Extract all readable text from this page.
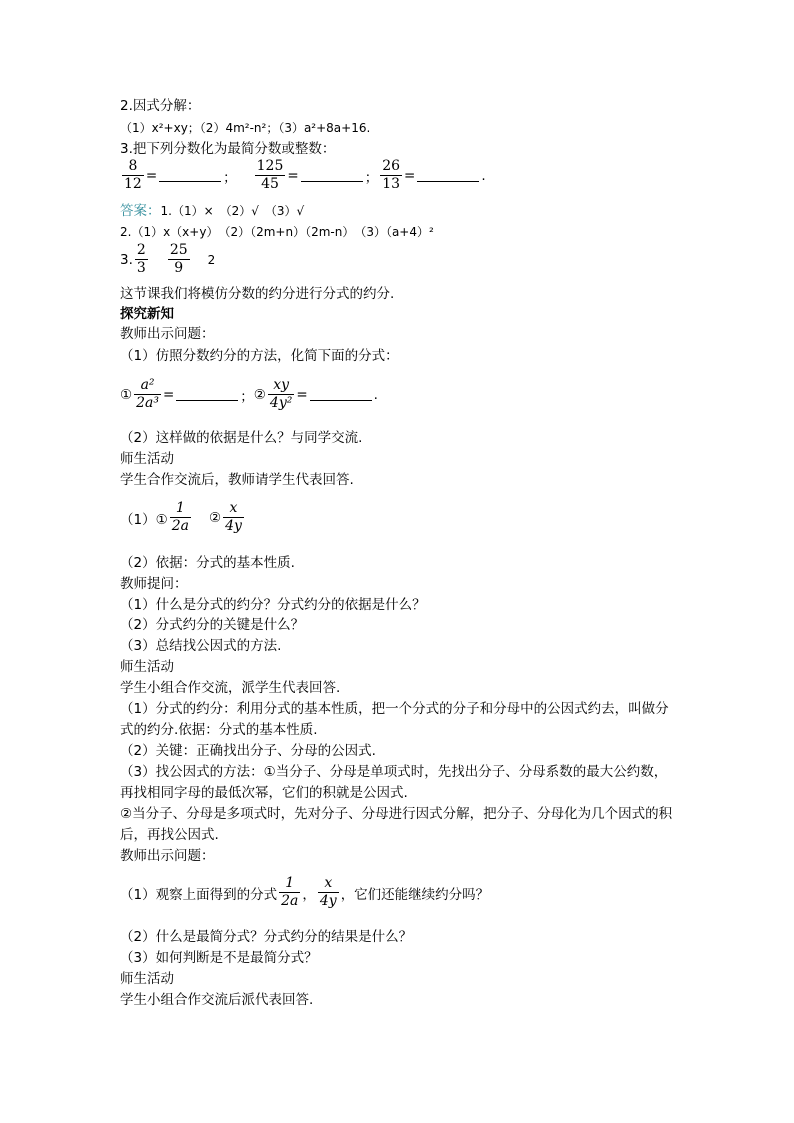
2.因式分解：
（1）x²+xy；（2）4m²-n²；（3）a²+8a+16.
3.把下列分数化为最简分数或整数：
$\frac{8}{12}$ =	； $\frac{125}{45}$ =	； $\frac{26}{13}$ =	.
答案：1.（1）×　（2）√　（3）√
2.（1）x（x+y）　（2）（2m+n）（2m-n）　（3）（a+4）²
3. $\frac{2}{3} \frac{25}{9} 2$
这节课我们将模仿分数的约分进行分式的约分.
探究新知
教师出示问题：
（1）仿照分数约分的方法，化简下面的分式：
① $\frac{\text{a²}}{\text{2a³}}$ =	； ② $\frac{xy}{\text{4y²}}$ =	.
（2）这样做的依据是什么？与同学交流.
师生活动
学生合作交流后，教师请学生代表回答.
（1）① $\frac{1}{2a}$ ② $\frac{x}{4y}$
（2）依据：分式的基本性质.
教师提问：
（1）什么是分式的约分？分式约分的依据是什么？
（2）分式约分的关键是什么？
（3）总结找公因式的方法.
师生活动
学生小组合作交流，派学生代表回答.
（1）分式的约分：利用分式的基本性质，把一个分式的分子和分母中的公因式约去，叫做分
式的约分.依据：分式的基本性质.
（2）关键：正确找出分子、分母的公因式.
（3）找公因式的方法：①当分子、分母是单项式时，先找出分子、分母系数的最大公约数，
再找相同字母的最低次幂，它们的积就是公因式.
②当分子、分母是多项式时，先对分子、分母进行因式分解，把分子、分母化为几个因式的积
后，再找公因式.
教师出示问题：
（1）观察上面得到的分式 $\frac{1}{2a}$ ， $\frac{x}{4y}$ ，它们还能继续约分吗？
（2）什么是最简分式？分式约分的结果是什么？
（3）如何判断是不是最简分式？
师生活动
学生小组合作交流后派代表回答.
